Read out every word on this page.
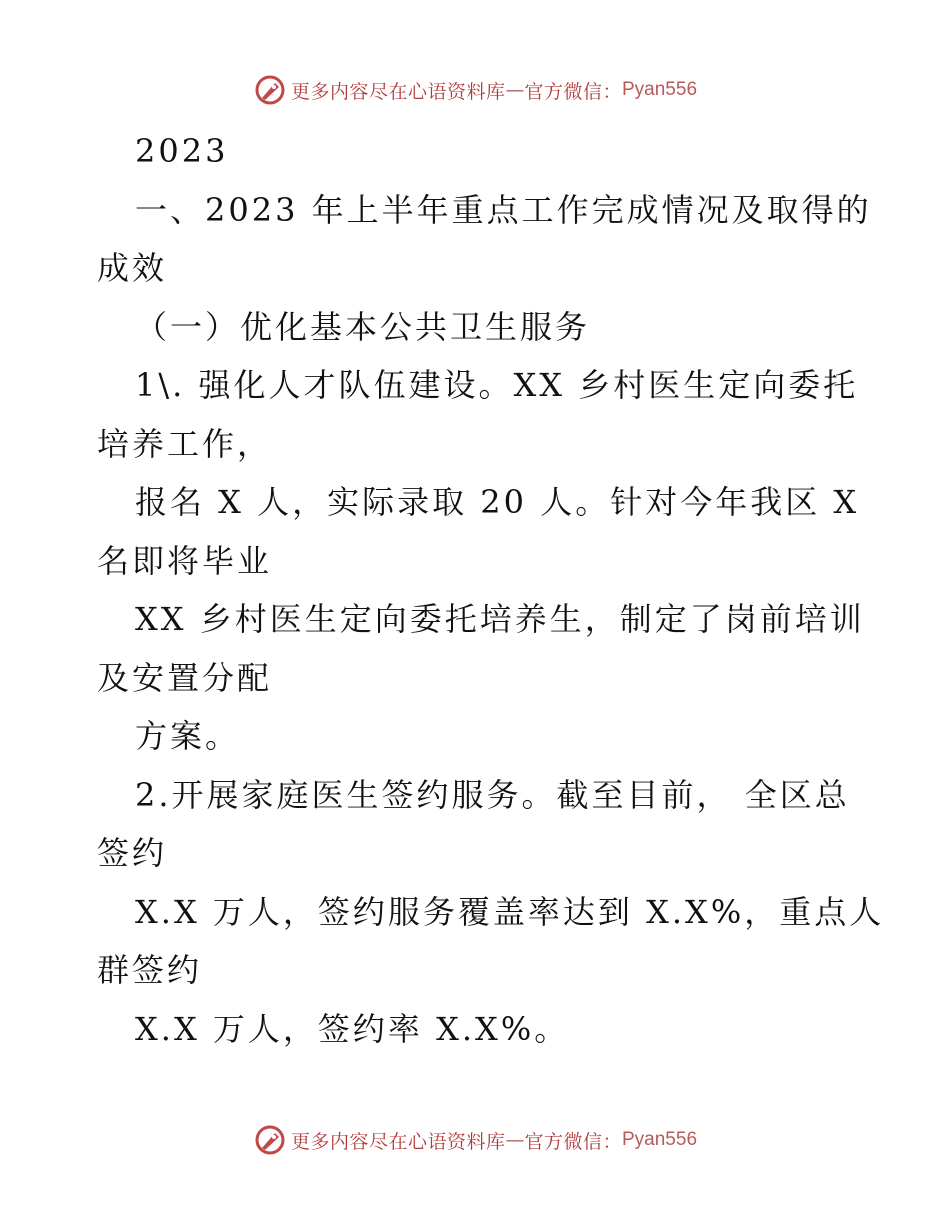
更多内容尽在心语资料库 — 官方微信： Pyan556
2023
一、2023 年上半年重点工作完成情况及取得的
成效
（一）优化基本公共卫生服务
1\. 强化人才队伍建设。XX 乡村医生定向委托
培养工作，
报名 X 人，实际录取 20 人。针对今年我区 X
名即将毕业
XX 乡村医生定向委托培养生，制定了岗前培训
及安置分配
方案。
2.开展家庭医生签约服务。截至目前， 全区总
签约
X.X 万人，签约服务覆盖率达到 X.X%，重点人
群签约
X.X 万人，签约率 X.X%。
更多内容尽在心语资料库 — 官方微信： Pyan556
